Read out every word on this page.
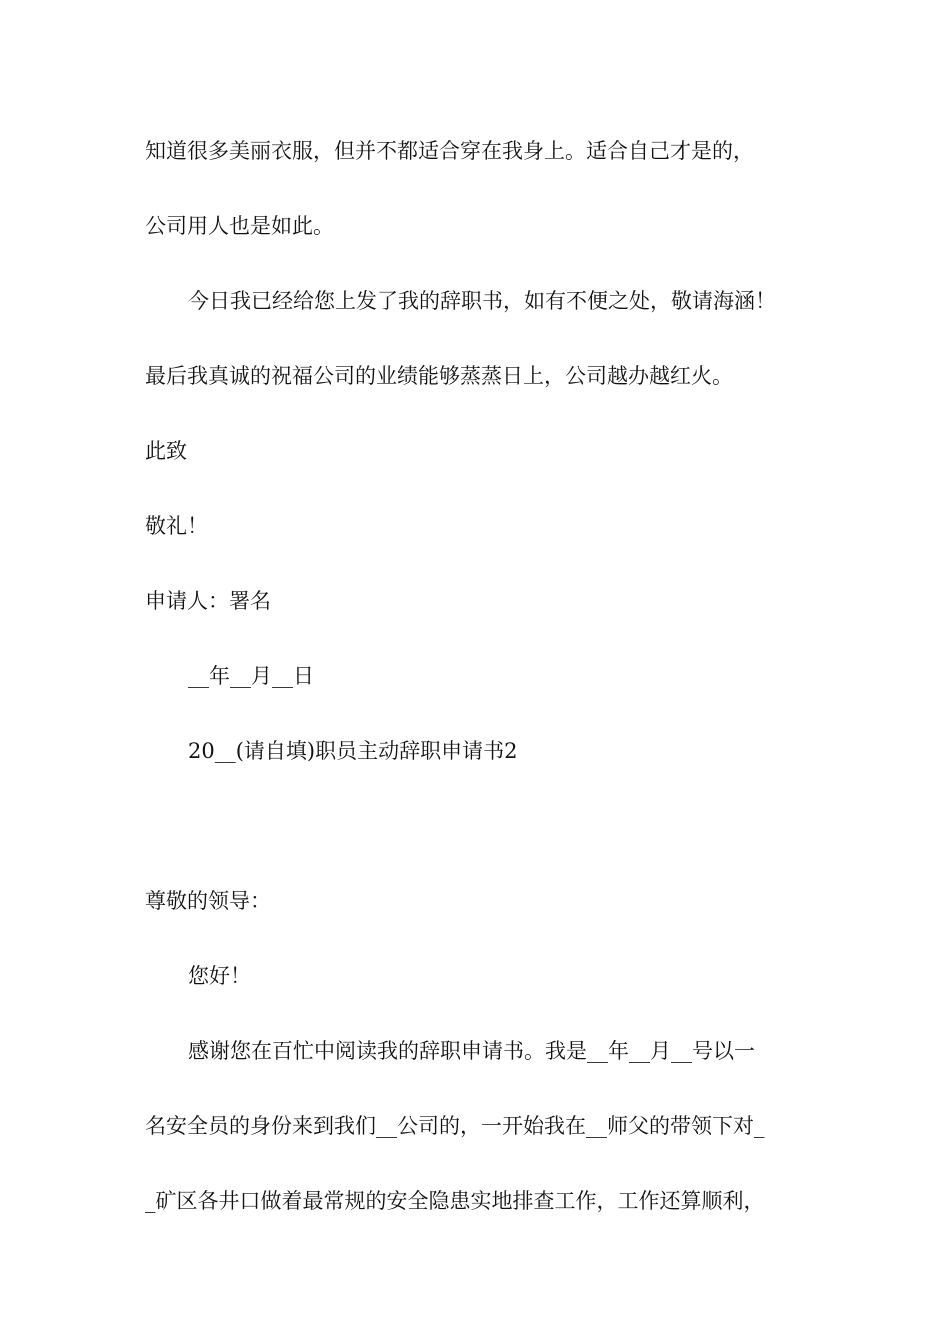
知道很多美丽衣服，但并不都适合穿在我身上。适合自己才是的，

公司用人也是如此。

今日我已经给您上发了我的辞职书，如有不便之处，敬请海涵！

最后我真诚的祝福公司的业绩能够蒸蒸日上，公司越办越红火。

此致

敬礼！

申请人：署名

__年__月__日

20__(请自填)职员主动辞职申请书2

尊敬的领导：

您好！

感谢您在百忙中阅读我的辞职申请书。我是__年__月__号以一

名安全员的身份来到我们__公司的，一开始我在__师父的带领下对_

_矿区各井口做着最常规的安全隐患实地排查工作，工作还算顺利，
